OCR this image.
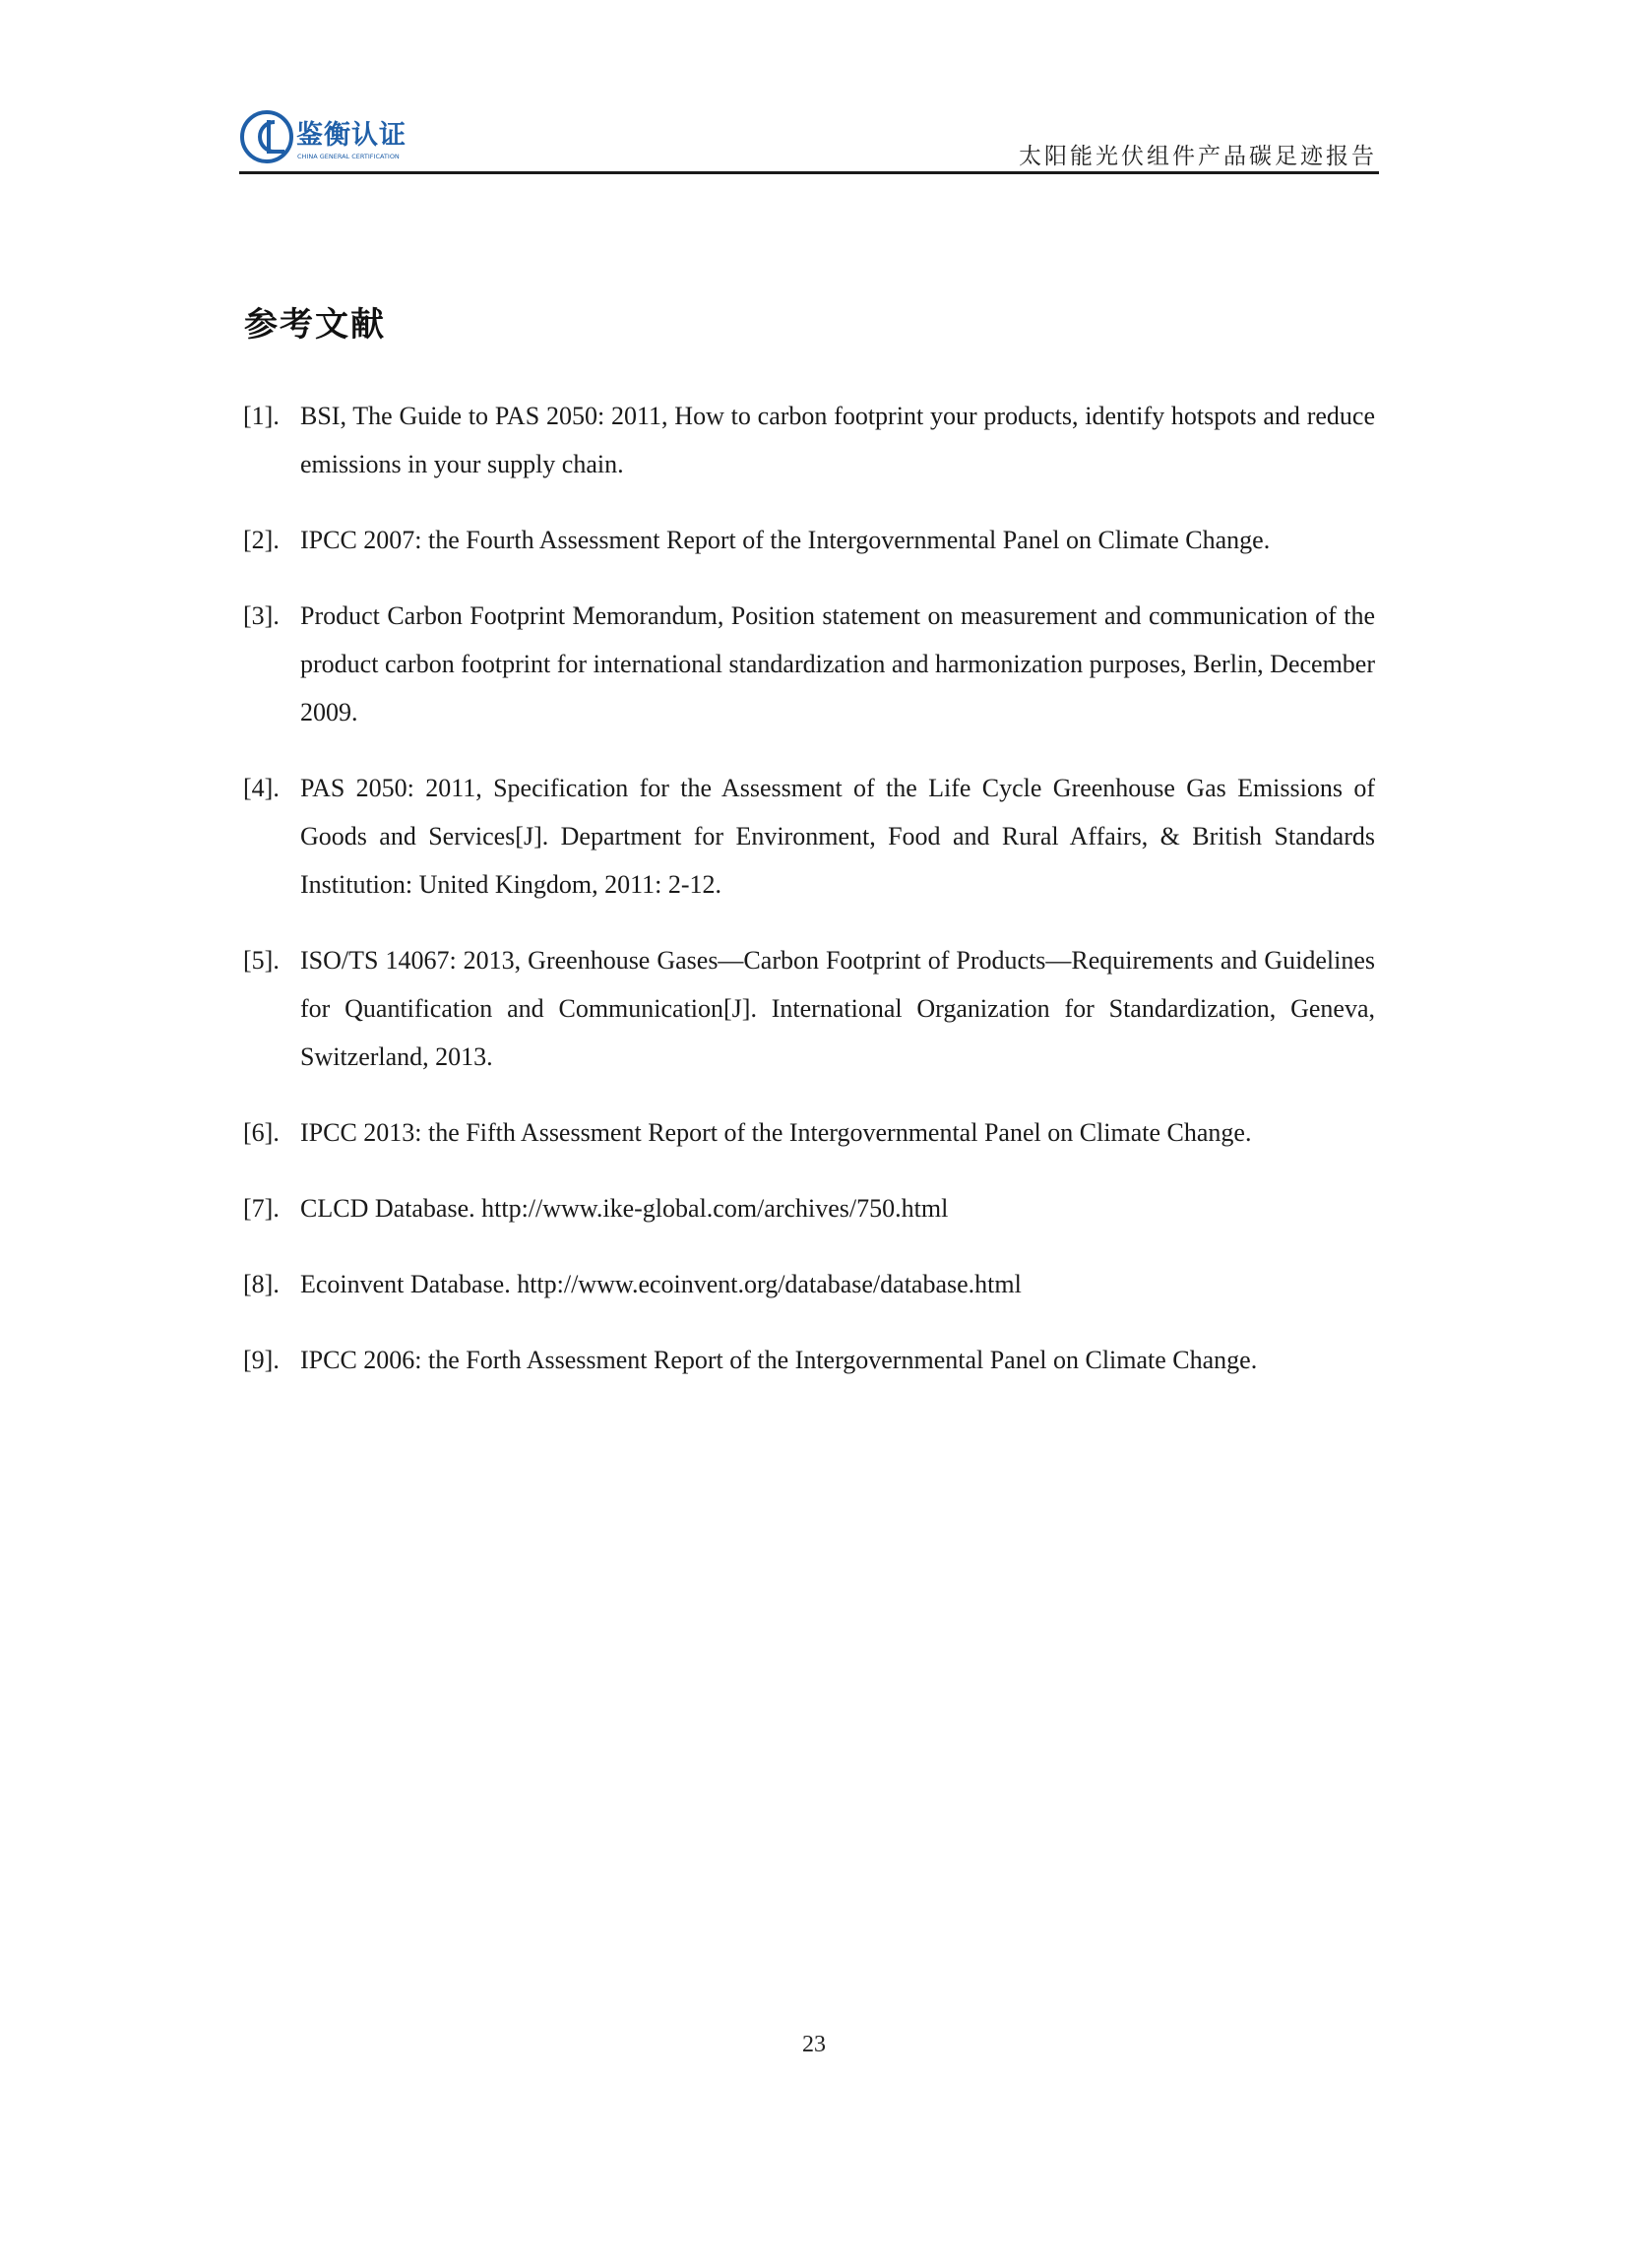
鉴衡认证
CHINA GENERAL CERTIFICATION	太阳能光伏组件产品碳足迹报告
参考文献
[1]. BSI, The Guide to PAS 2050: 2011, How to carbon footprint your products, identify hotspots and reduce emissions in your supply chain.
[2]. IPCC 2007: the Fourth Assessment Report of the Intergovernmental Panel on Climate Change.
[3]. Product Carbon Footprint Memorandum, Position statement on measurement and communication of the product carbon footprint for international standardization and harmonization purposes, Berlin, December 2009.
[4]. PAS 2050: 2011, Specification for the Assessment of the Life Cycle Greenhouse Gas Emissions of Goods and Services[J]. Department for Environment, Food and Rural Affairs, & British Standards Institution: United Kingdom, 2011: 2-12.
[5]. ISO/TS 14067: 2013, Greenhouse Gases—Carbon Footprint of Products—Requirements and Guidelines for Quantification and Communication[J]. International Organization for Standardization, Geneva, Switzerland, 2013.
[6]. IPCC 2013: the Fifth Assessment Report of the Intergovernmental Panel on Climate Change.
[7]. CLCD Database. http://www.ike-global.com/archives/750.html
[8]. Ecoinvent Database. http://www.ecoinvent.org/database/database.html
[9]. IPCC 2006: the Forth Assessment Report of the Intergovernmental Panel on Climate Change.
23
